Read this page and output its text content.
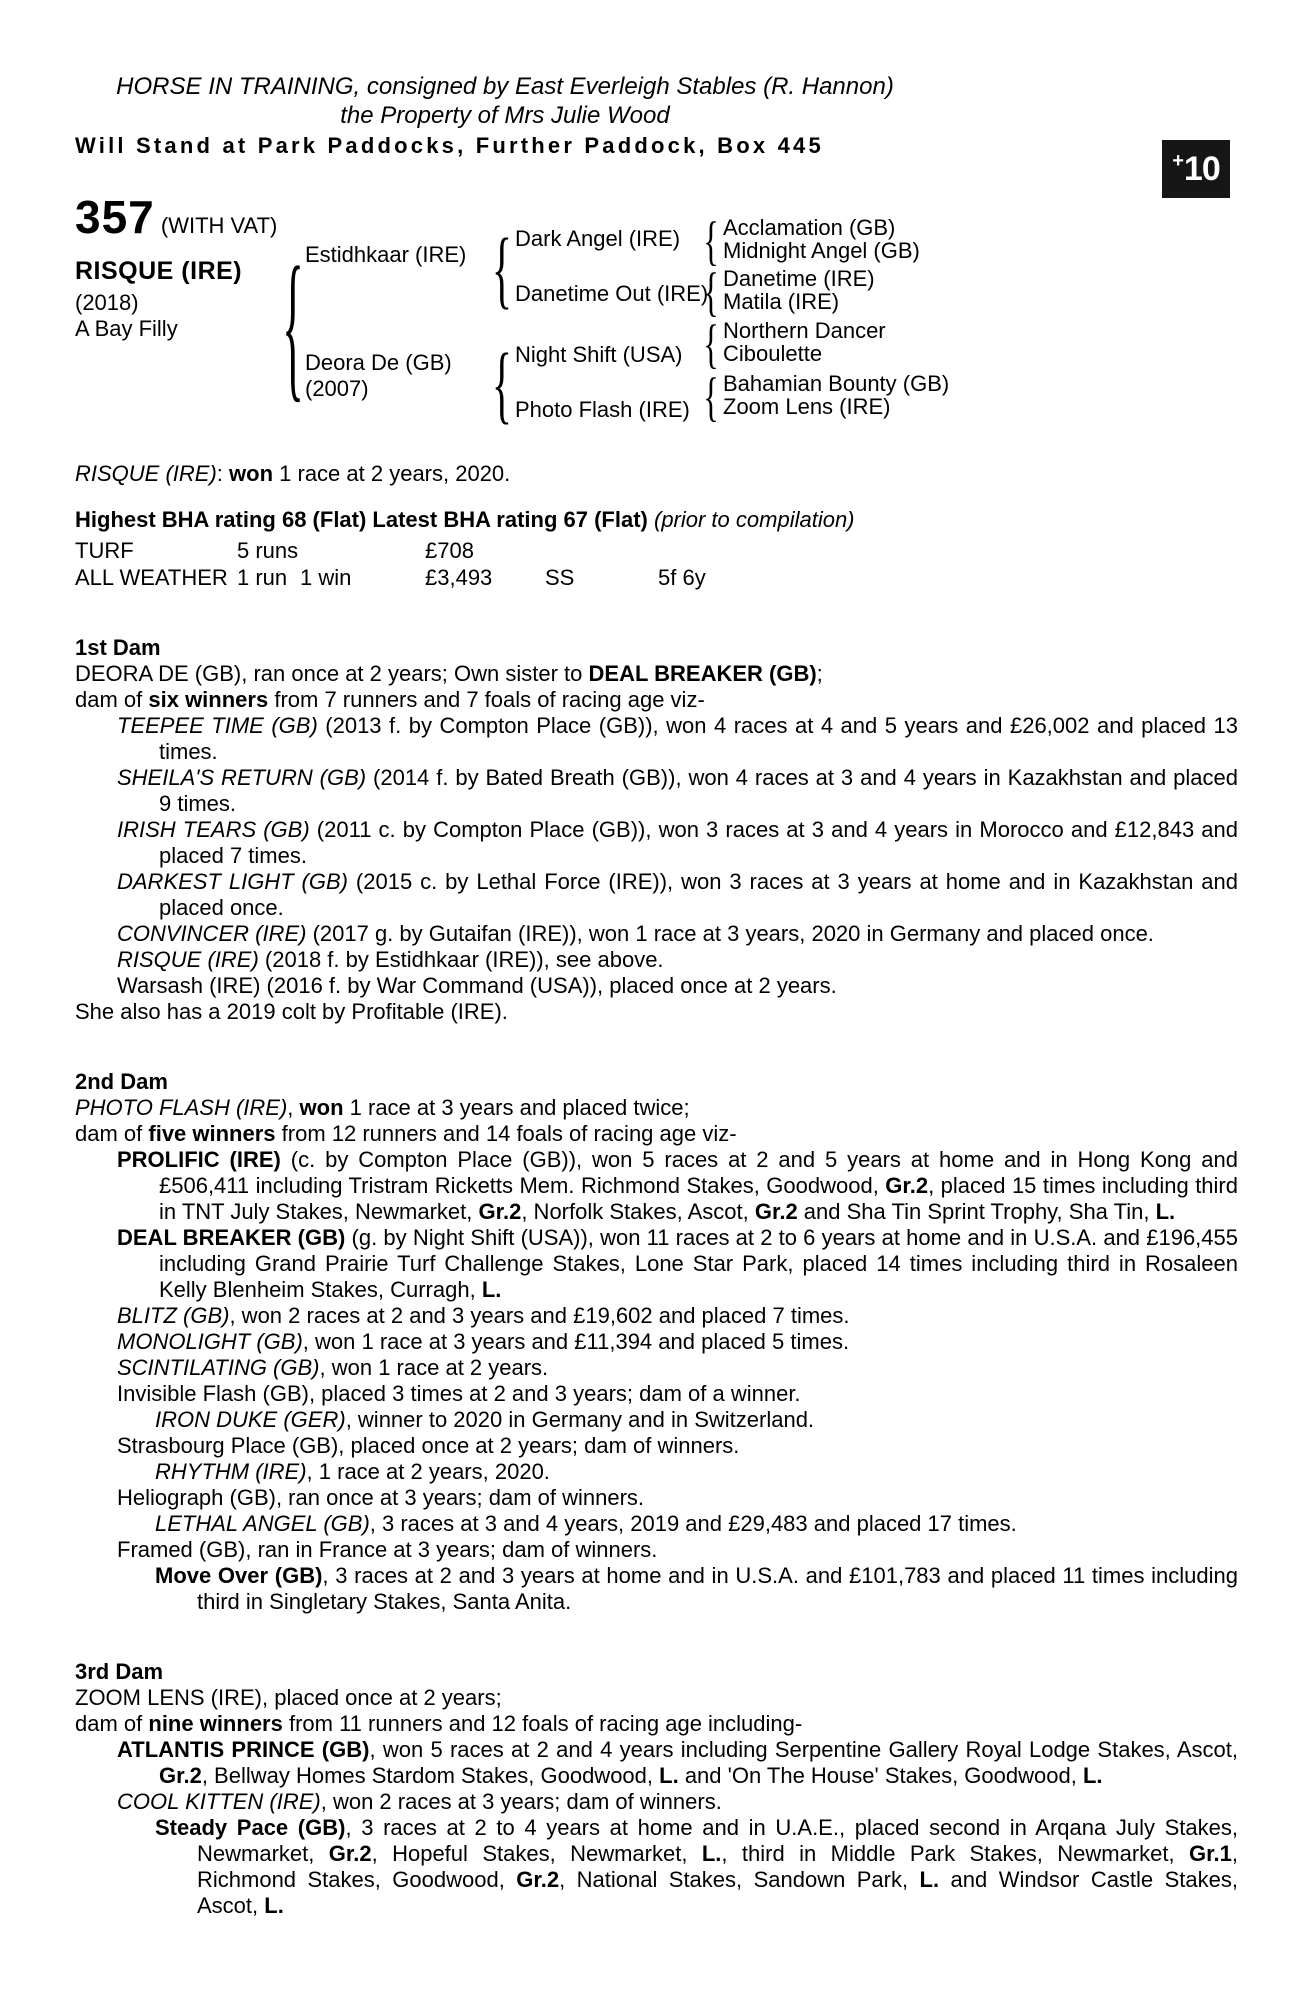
HORSE IN TRAINING, consigned by East Everleigh Stables (R. Hannon)
the Property of Mrs Julie Wood
Will Stand at Park Paddocks, Further Paddock, Box 445
+ 10
357 (WITH VAT)
RISQUE (IRE)
(2018)
A Bay Filly { Estidhkaar (IRE)
Deora De (GB)
(2007)
{ Dark Angel (IRE)
Danetime Out (IRE)
{ Night Shift (USA)
Photo Flash (IRE)
{ Acclamation (GB)
Midnight Angel (GB)
{ Danetime (IRE)
Matila (IRE)
{ Northern Dancer
Ciboulette
{ Bahamian Bounty (GB)
Zoom Lens (IRE)
RISQUE (IRE): won 1 race at 2 years, 2020.
Highest BHA rating 68 (Flat) Latest BHA rating 67 (Flat) (prior to compilation)
TURF	5 runs	£708
ALL WEATHER 1 run 1 win	£3,493	SS	5f 6y
1st Dam
DEORA DE (GB), ran once at 2 years; Own sister to DEAL BREAKER (GB);
dam of six winners from 7 runners and 7 foals of racing age viz-
TEEPEE TIME (GB) (2013 f. by Compton Place (GB)), won 4 races at 4 and 5 years and £26,002 and placed 13 times.
SHEILA'S RETURN (GB) (2014 f. by Bated Breath (GB)), won 4 races at 3 and 4 years in Kazakhstan and placed 9 times.
IRISH TEARS (GB) (2011 c. by Compton Place (GB)), won 3 races at 3 and 4 years in Morocco and £12,843 and placed 7 times.
DARKEST LIGHT (GB) (2015 c. by Lethal Force (IRE)), won 3 races at 3 years at home and in Kazakhstan and placed once.
CONVINCER (IRE) (2017 g. by Gutaifan (IRE)), won 1 race at 3 years, 2020 in Germany and placed once.
RISQUE (IRE) (2018 f. by Estidhkaar (IRE)), see above.
Warsash (IRE) (2016 f. by War Command (USA)), placed once at 2 years.
She also has a 2019 colt by Profitable (IRE).
2nd Dam
PHOTO FLASH (IRE), won 1 race at 3 years and placed twice;
dam of five winners from 12 runners and 14 foals of racing age viz-
PROLIFIC (IRE) (c. by Compton Place (GB)), won 5 races at 2 and 5 years at home and in Hong Kong and £506,411 including Tristram Ricketts Mem. Richmond Stakes, Goodwood, Gr.2, placed 15 times including third in TNT July Stakes, Newmarket, Gr.2, Norfolk Stakes, Ascot, Gr.2 and Sha Tin Sprint Trophy, Sha Tin, L.
DEAL BREAKER (GB) (g. by Night Shift (USA)), won 11 races at 2 to 6 years at home and in U.S.A. and £196,455 including Grand Prairie Turf Challenge Stakes, Lone Star Park, placed 14 times including third in Rosaleen Kelly Blenheim Stakes, Curragh, L.
BLITZ (GB), won 2 races at 2 and 3 years and £19,602 and placed 7 times.
MONOLIGHT (GB), won 1 race at 3 years and £11,394 and placed 5 times.
SCINTILATING (GB), won 1 race at 2 years.
Invisible Flash (GB), placed 3 times at 2 and 3 years; dam of a winner.
IRON DUKE (GER), winner to 2020 in Germany and in Switzerland.
Strasbourg Place (GB), placed once at 2 years; dam of winners.
RHYTHM (IRE), 1 race at 2 years, 2020.
Heliograph (GB), ran once at 3 years; dam of winners.
LETHAL ANGEL (GB), 3 races at 3 and 4 years, 2019 and £29,483 and placed 17 times.
Framed (GB), ran in France at 3 years; dam of winners.
Move Over (GB), 3 races at 2 and 3 years at home and in U.S.A. and £101,783 and placed 11 times including third in Singletary Stakes, Santa Anita.
3rd Dam
ZOOM LENS (IRE), placed once at 2 years;
dam of nine winners from 11 runners and 12 foals of racing age including-
ATLANTIS PRINCE (GB), won 5 races at 2 and 4 years including Serpentine Gallery Royal Lodge Stakes, Ascot, Gr.2, Bellway Homes Stardom Stakes, Goodwood, L. and 'On The House' Stakes, Goodwood, L.
COOL KITTEN (IRE), won 2 races at 3 years; dam of winners.
Steady Pace (GB), 3 races at 2 to 4 years at home and in U.A.E., placed second in Arqana July Stakes, Newmarket, Gr.2, Hopeful Stakes, Newmarket, L., third in Middle Park Stakes, Newmarket, Gr.1, Richmond Stakes, Goodwood, Gr.2, National Stakes, Sandown Park, L. and Windsor Castle Stakes, Ascot, L.
